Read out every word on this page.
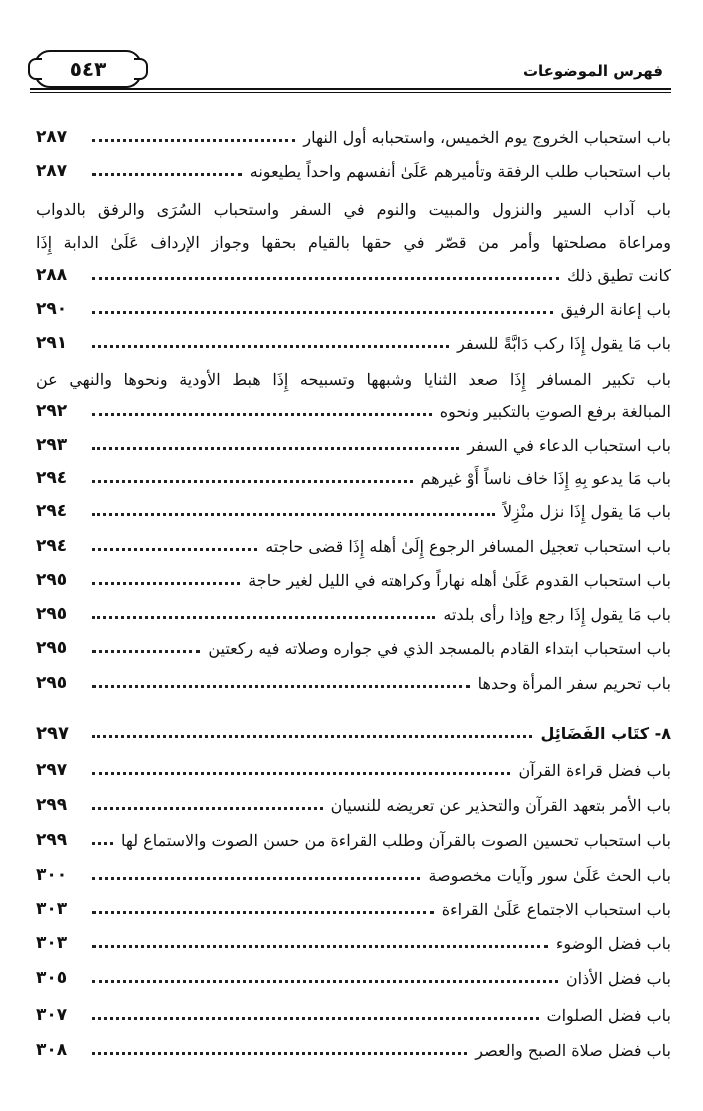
٥٤٣	فهرس الموضوعات
باب استحباب الخروج يوم الخميس، واستحبابه أول النهار
٢٨٧
باب استحباب طلب الرفقة وتأميرهم عَلَىٰ أنفسهم واحداً يطيعونه
٢٨٧
باب آداب السير والنزول والمبيت والنوم في السفر واستحباب السُرَى والرفق بالدواب
ومراعاة مصلحتها وأمر من قصّر في حقها بالقيام بحقها وجواز الإرداف عَلَىٰ الدابة إِذَا
كانت تطيق ذلك
٢٨٨
باب إعانة الرفيق
٢٩٠
باب مَا يقول إِذَا ركب دَابَّةً للسفر
٢٩١
باب تكبير المسافر إِذَا صعد الثنايا وشبهها وتسبيحه إِذَا هبط الأودية ونحوها والنهي عن
المبالغة برفع الصوتِ بالتكبير ونحوه
٢٩٢
باب استحباب الدعاء في السفر
٢٩٣
باب مَا يدعو بِهِ إِذَا خاف ناساً أَوْ غيرهم
٢٩٤
باب مَا يقول إِذَا نزل منْزِلاً
٢٩٤
باب استحباب تعجيل المسافر الرجوع إِلَىٰ أهله إِذَا قضى حاجته
٢٩٤
باب استحباب القدوم عَلَىٰ أهله نهاراً وكراهته في الليل لغير حاجة
٢٩٥
باب مَا يقول إِذَا رجع وإذا رأى بلدته
٢٩٥
باب استحباب ابتداء القادم بالمسجد الذي في جواره وصلاته فيه ركعتين
٢٩٥
باب تحريم سفر المرأة وحدها
٢٩٥
٨- كتَاب الفَضَائِل
٢٩٧
باب فضل قراءة القرآن
٢٩٧
باب الأمر بتعهد القرآن والتحذير عن تعريضه للنسيان
٢٩٩
باب استحباب تحسين الصوت بالقرآن وطلب القراءة من حسن الصوت والاستماع لها
٢٩٩
باب الحث عَلَىٰ سور وآيات مخصوصة
٣٠٠
باب استحباب الاجتماع عَلَىٰ القراءة
٣٠٣
باب فضل الوضوء
٣٠٣
باب فضل الأذان
٣٠٥
باب فضل الصلوات
٣٠٧
باب فضل صلاة الصبح والعصر
٣٠٨
